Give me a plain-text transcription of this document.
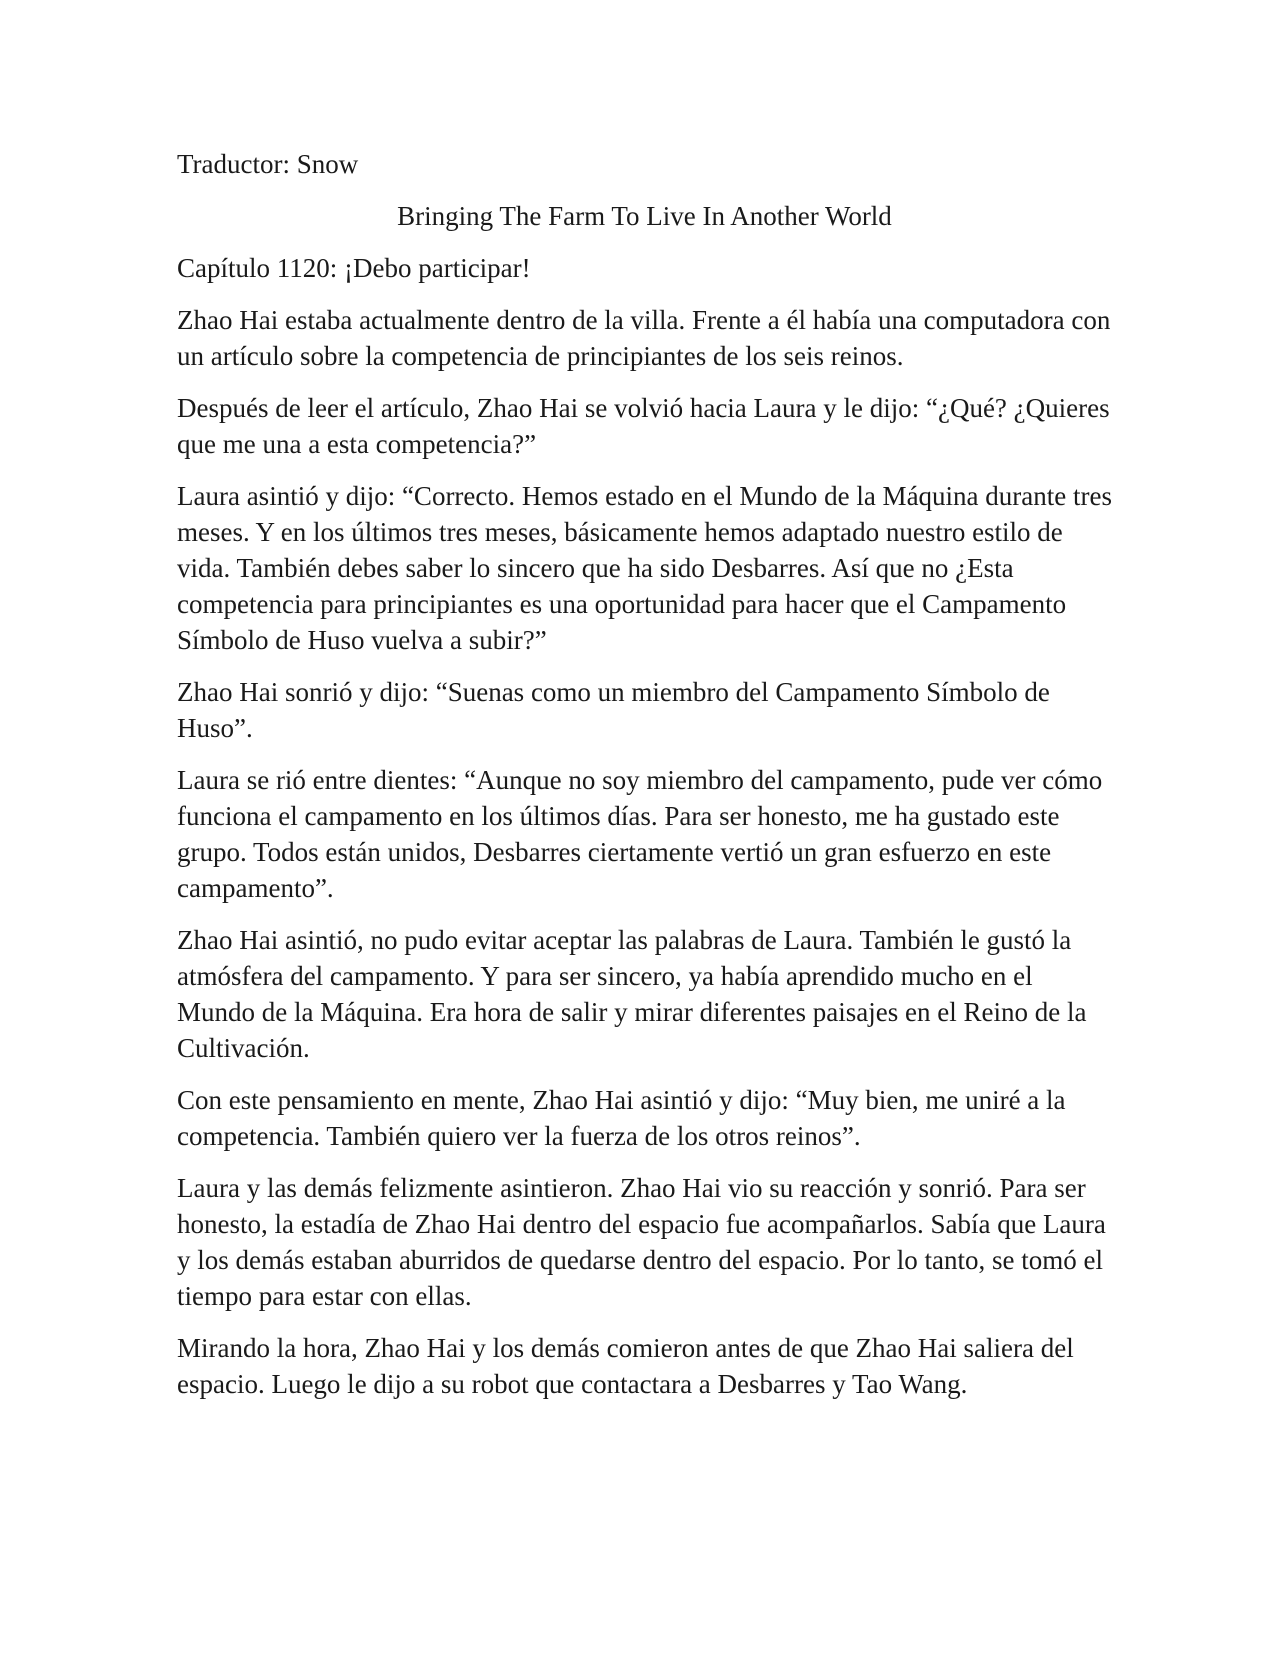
Traductor: Snow
Bringing The Farm To Live In Another World
Capítulo 1120: ¡Debo participar!

Zhao Hai estaba actualmente dentro de la villa. Frente a él había una computadora con un artículo sobre la competencia de principiantes de los seis reinos.

Después de leer el artículo, Zhao Hai se volvió hacia Laura y le dijo: “¿Qué? ¿Quieres que me una a esta competencia?”

Laura asintió y dijo: “Correcto. Hemos estado en el Mundo de la Máquina durante tres meses. Y en los últimos tres meses, básicamente hemos adaptado nuestro estilo de vida. También debes saber lo sincero que ha sido Desbarres. Así que no ¿Esta competencia para principiantes es una oportunidad para hacer que el Campamento Símbolo de Huso vuelva a subir?”

Zhao Hai sonrió y dijo: “Suenas como un miembro del Campamento Símbolo de Huso”.

Laura se rió entre dientes: “Aunque no soy miembro del campamento, pude ver cómo funciona el campamento en los últimos días. Para ser honesto, me ha gustado este grupo. Todos están unidos, Desbarres ciertamente vertió un gran esfuerzo en este campamento”.

Zhao Hai asintió, no pudo evitar aceptar las palabras de Laura. También le gustó la atmósfera del campamento. Y para ser sincero, ya había aprendido mucho en el Mundo de la Máquina. Era hora de salir y mirar diferentes paisajes en el Reino de la Cultivación.

Con este pensamiento en mente, Zhao Hai asintió y dijo: “Muy bien, me uniré a la competencia. También quiero ver la fuerza de los otros reinos”.

Laura y las demás felizmente asintieron. Zhao Hai vio su reacción y sonrió. Para ser honesto, la estadía de Zhao Hai dentro del espacio fue acompañarlos. Sabía que Laura y los demás estaban aburridos de quedarse dentro del espacio. Por lo tanto, se tomó el tiempo para estar con ellas.

Mirando la hora, Zhao Hai y los demás comieron antes de que Zhao Hai saliera del espacio. Luego le dijo a su robot que contactara a Desbarres y Tao Wang.
